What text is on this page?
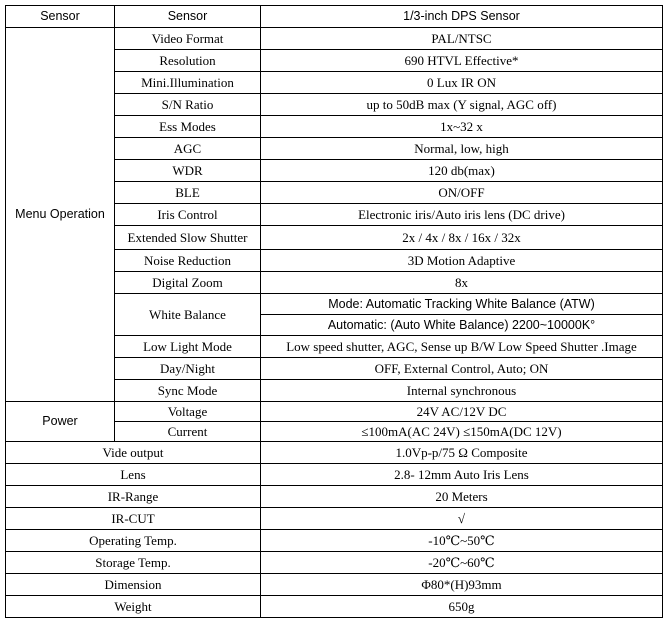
Sensor	Sensor	1/3-inch DPS Sensor
Menu Operation	Video Format	PAL/NTSC
	Resolution	690 HTVL Effective*
	Mini.Illumination	0 Lux IR ON
	S/N Ratio	up to 50dB max (Y signal, AGC off)
	Ess Modes	1x~32 x
	AGC	Normal, low, high
	WDR	120 db(max)
	BLE	ON/OFF
	Iris Control	Electronic iris/Auto iris lens (DC drive)
	Extended Slow Shutter	2x / 4x / 8x / 16x / 32x
	Noise Reduction	3D Motion Adaptive
	Digital Zoom	8x
	White Balance	Mode: Automatic Tracking White Balance (ATW)
		Automatic: (Auto White Balance) 2200~10000K°
	Low Light Mode	Low speed shutter, AGC, Sense up B/W Low Speed Shutter .Image
	Day/Night	OFF, External Control, Auto; ON
	Sync Mode	Internal synchronous
Power	Voltage	24V AC/12V DC
	Current	≤100mA(AC 24V) ≤150mA(DC 12V)
Vide output		1.0Vp-p/75 Ω Composite
Lens		2.8- 12mm Auto Iris Lens
IR-Range		20 Meters
IR-CUT		√
Operating Temp.		-10℃~50℃
Storage Temp.		-20℃~60℃
Dimension		Φ80*(H)93mm
Weight		650g
